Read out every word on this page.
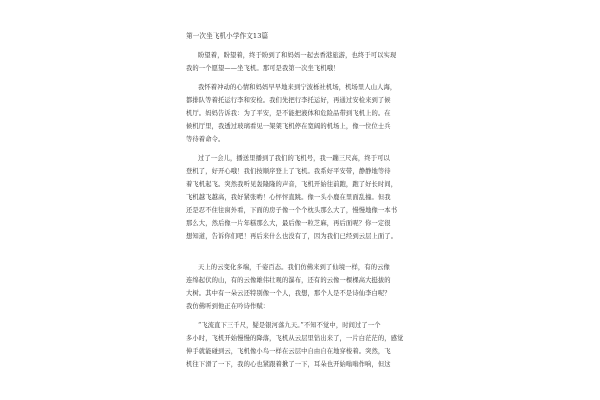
第一次坐飞机小学作文13篇
盼望着，盼望着，终于盼到了和妈妈一起去香港旅游，也终于可以实现
我的一个愿望——坐飞机。那可是我第一次坐飞机哦！
我怀着冲动的心情和妈妈早早地来到宁波栎社机场，机场里人山人海，
都排队等着托运行李和安检。我们先把行李托运好，再通过安检来到了候
机厅。妈妈告诉我：为了平安，是不能把液体和危险品带到飞机上的。在
候机厅里，我透过玻璃看见一架架飞机停在宽阔的机场上，像一位位士兵
等待着命令。
过了一会儿，播送里播到了我们的飞机号，我一蹦三尺高，终于可以
登机了，好开心哦！我们按顺序登上了飞机。我系好平安带，静静地等待
着飞机起飞。突然我听见轰隆隆的声音，飞机开始往前跑，跑了好长时间，
飞机越飞越高，我好紧张哟！心怦怦直跳。像一头小鹿在里面乱撞。但我
还是忍不住往窗外看，下面的房子像一个个枕头那么大了，慢慢地像一本书
那么大，然后像一片年糕那么大，最后像一粒芝麻，再后面呢？你一定很
想知道，告诉你们吧！再后来什么也没有了，因为我们已经到云层上面了。
天上的云变化多端，千姿百态。我们仿佛来到了仙境一样，有的云像
连绵起伏的山，有的云像雄伟壮观的瀑布，还有的云像一棵棵高大挺拔的
大树。其中有一朵云还特别像一个人，我想，那个人是不是诗仙李白呢？
我仿佛听到他正在吟诗作赋：
“飞流直下三千尺，疑是银河落九天。”不知不觉中，时间过了一个
多小时，飞机开始慢慢的降落，飞机从云层里钻出来了，一片白茫茫的，感觉
伸手就能碰到云，飞机像小鸟一样在云层中自由自在地穿梭着。突然，飞
机往下滑了一下，我的心也紧跟着揪了一下，耳朵也开始嗡嗡作响，但这
